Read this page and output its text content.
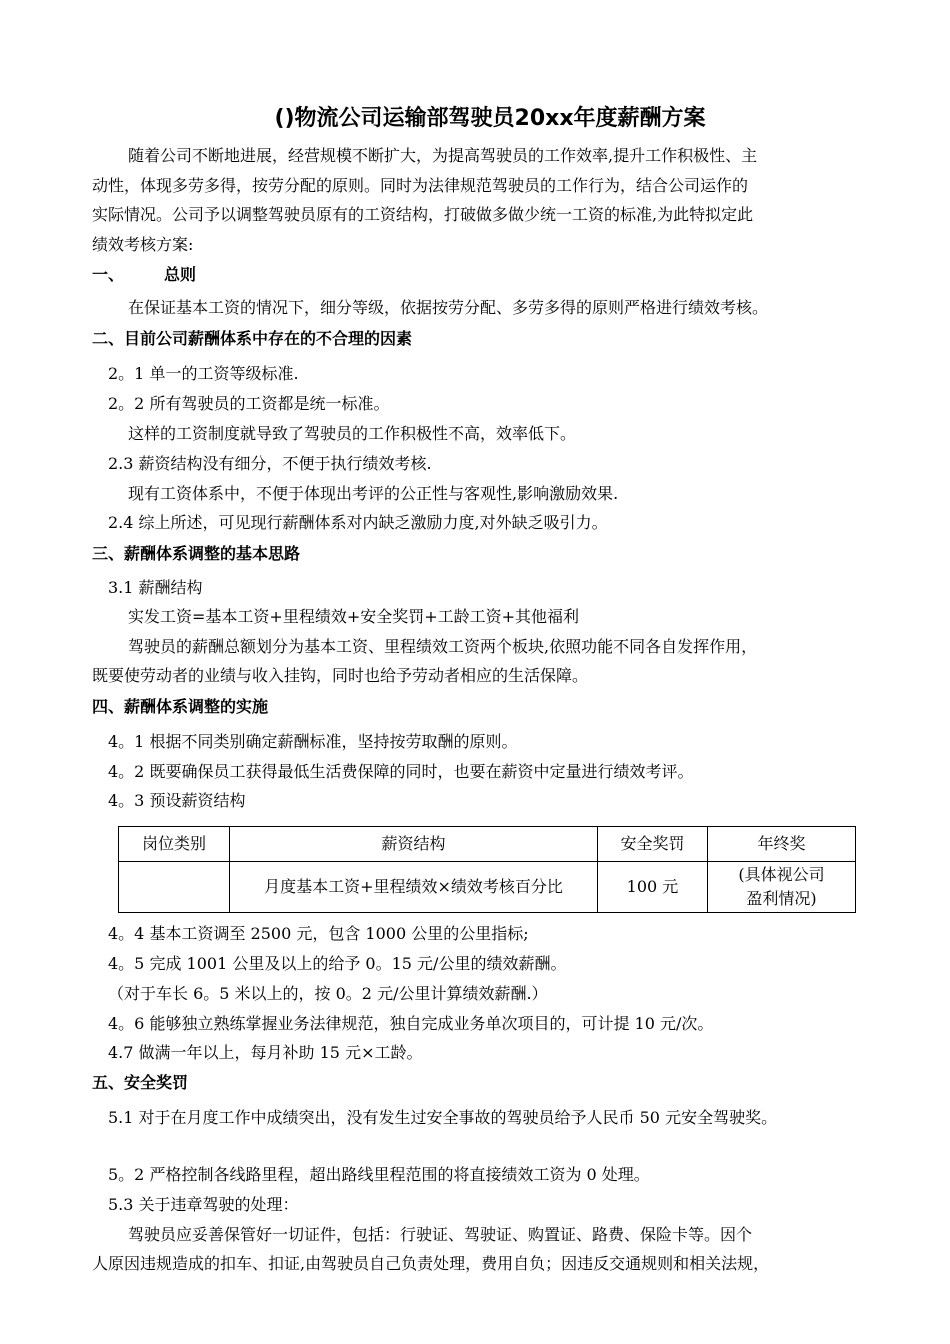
()物流公司运输部驾驶员20xx年度薪酬方案
随着公司不断地进展，经营规模不断扩大，为提高驾驶员的工作效率,提升工作积极性、主
动性，体现多劳多得，按劳分配的原则。同时为法律规范驾驶员的工作行为，结合公司运作的
实际情况。公司予以调整驾驶员原有的工资结构，打破做多做少统一工资的标准,为此特拟定此
绩效考核方案:
一、	总则
在保证基本工资的情况下，细分等级，依据按劳分配、多劳多得的原则严格进行绩效考核。
二、目前公司薪酬体系中存在的不合理的因素
2。1 单一的工资等级标准.
2。2 所有驾驶员的工资都是统一标准。
这样的工资制度就导致了驾驶员的工作积极性不高，效率低下。
2.3 薪资结构没有细分，不便于执行绩效考核.
现有工资体系中，不便于体现出考评的公正性与客观性,影响激励效果.
2.4 综上所述，可见现行薪酬体系对内缺乏激励力度,对外缺乏吸引力。
三、薪酬体系调整的基本思路
3.1 薪酬结构
实发工资=基本工资+里程绩效+安全奖罚+工龄工资+其他福利
驾驶员的薪酬总额划分为基本工资、里程绩效工资两个板块,依照功能不同各自发挥作用，
既要使劳动者的业绩与收入挂钩，同时也给予劳动者相应的生活保障。
四、薪酬体系调整的实施
4。1 根据不同类别确定薪酬标准，坚持按劳取酬的原则。
4。2 既要确保员工获得最低生活费保障的同时，也要在薪资中定量进行绩效考评。
4。3 预设薪资结构
岗位类别	薪资结构	安全奖罚	年终奖
	月度基本工资+里程绩效×绩效考核百分比	100 元	(具体视公司
盈利情况)
4。4 基本工资调至 2500 元，包含 1000 公里的公里指标;
4。5 完成 1001 公里及以上的给予 0。15 元/公里的绩效薪酬。
（对于车长 6。5 米以上的，按 0。2 元/公里计算绩效薪酬.）
4。6 能够独立熟练掌握业务法律规范，独自完成业务单次项目的，可计提 10 元/次。
4.7 做满一年以上，每月补助 15 元×工龄。
五、安全奖罚
5.1 对于在月度工作中成绩突出，没有发生过安全事故的驾驶员给予人民币 50 元安全驾驶奖。
5。2 严格控制各线路里程，超出路线里程范围的将直接绩效工资为 0 处理。
5.3 关于违章驾驶的处理：
驾驶员应妥善保管好一切证件，包括：行驶证、驾驶证、购置证、路费、保险卡等。因个
人原因违规造成的扣车、扣证,由驾驶员自己负责处理，费用自负；因违反交通规则和相关法规，
